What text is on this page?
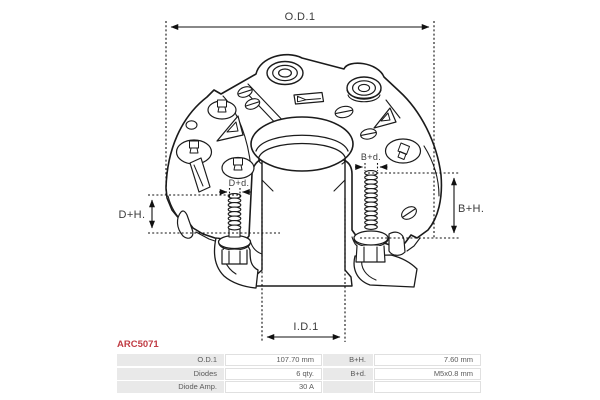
O.D.1
I.D.1
D+H.	B+H.
D+d.
B+d.
ARC5071
O.D.1	107.70 mm	B+H.	7.60 mm
Diodes	6 qty.	B+d.	M5x0.8 mm
Diode Amp.	30 A
